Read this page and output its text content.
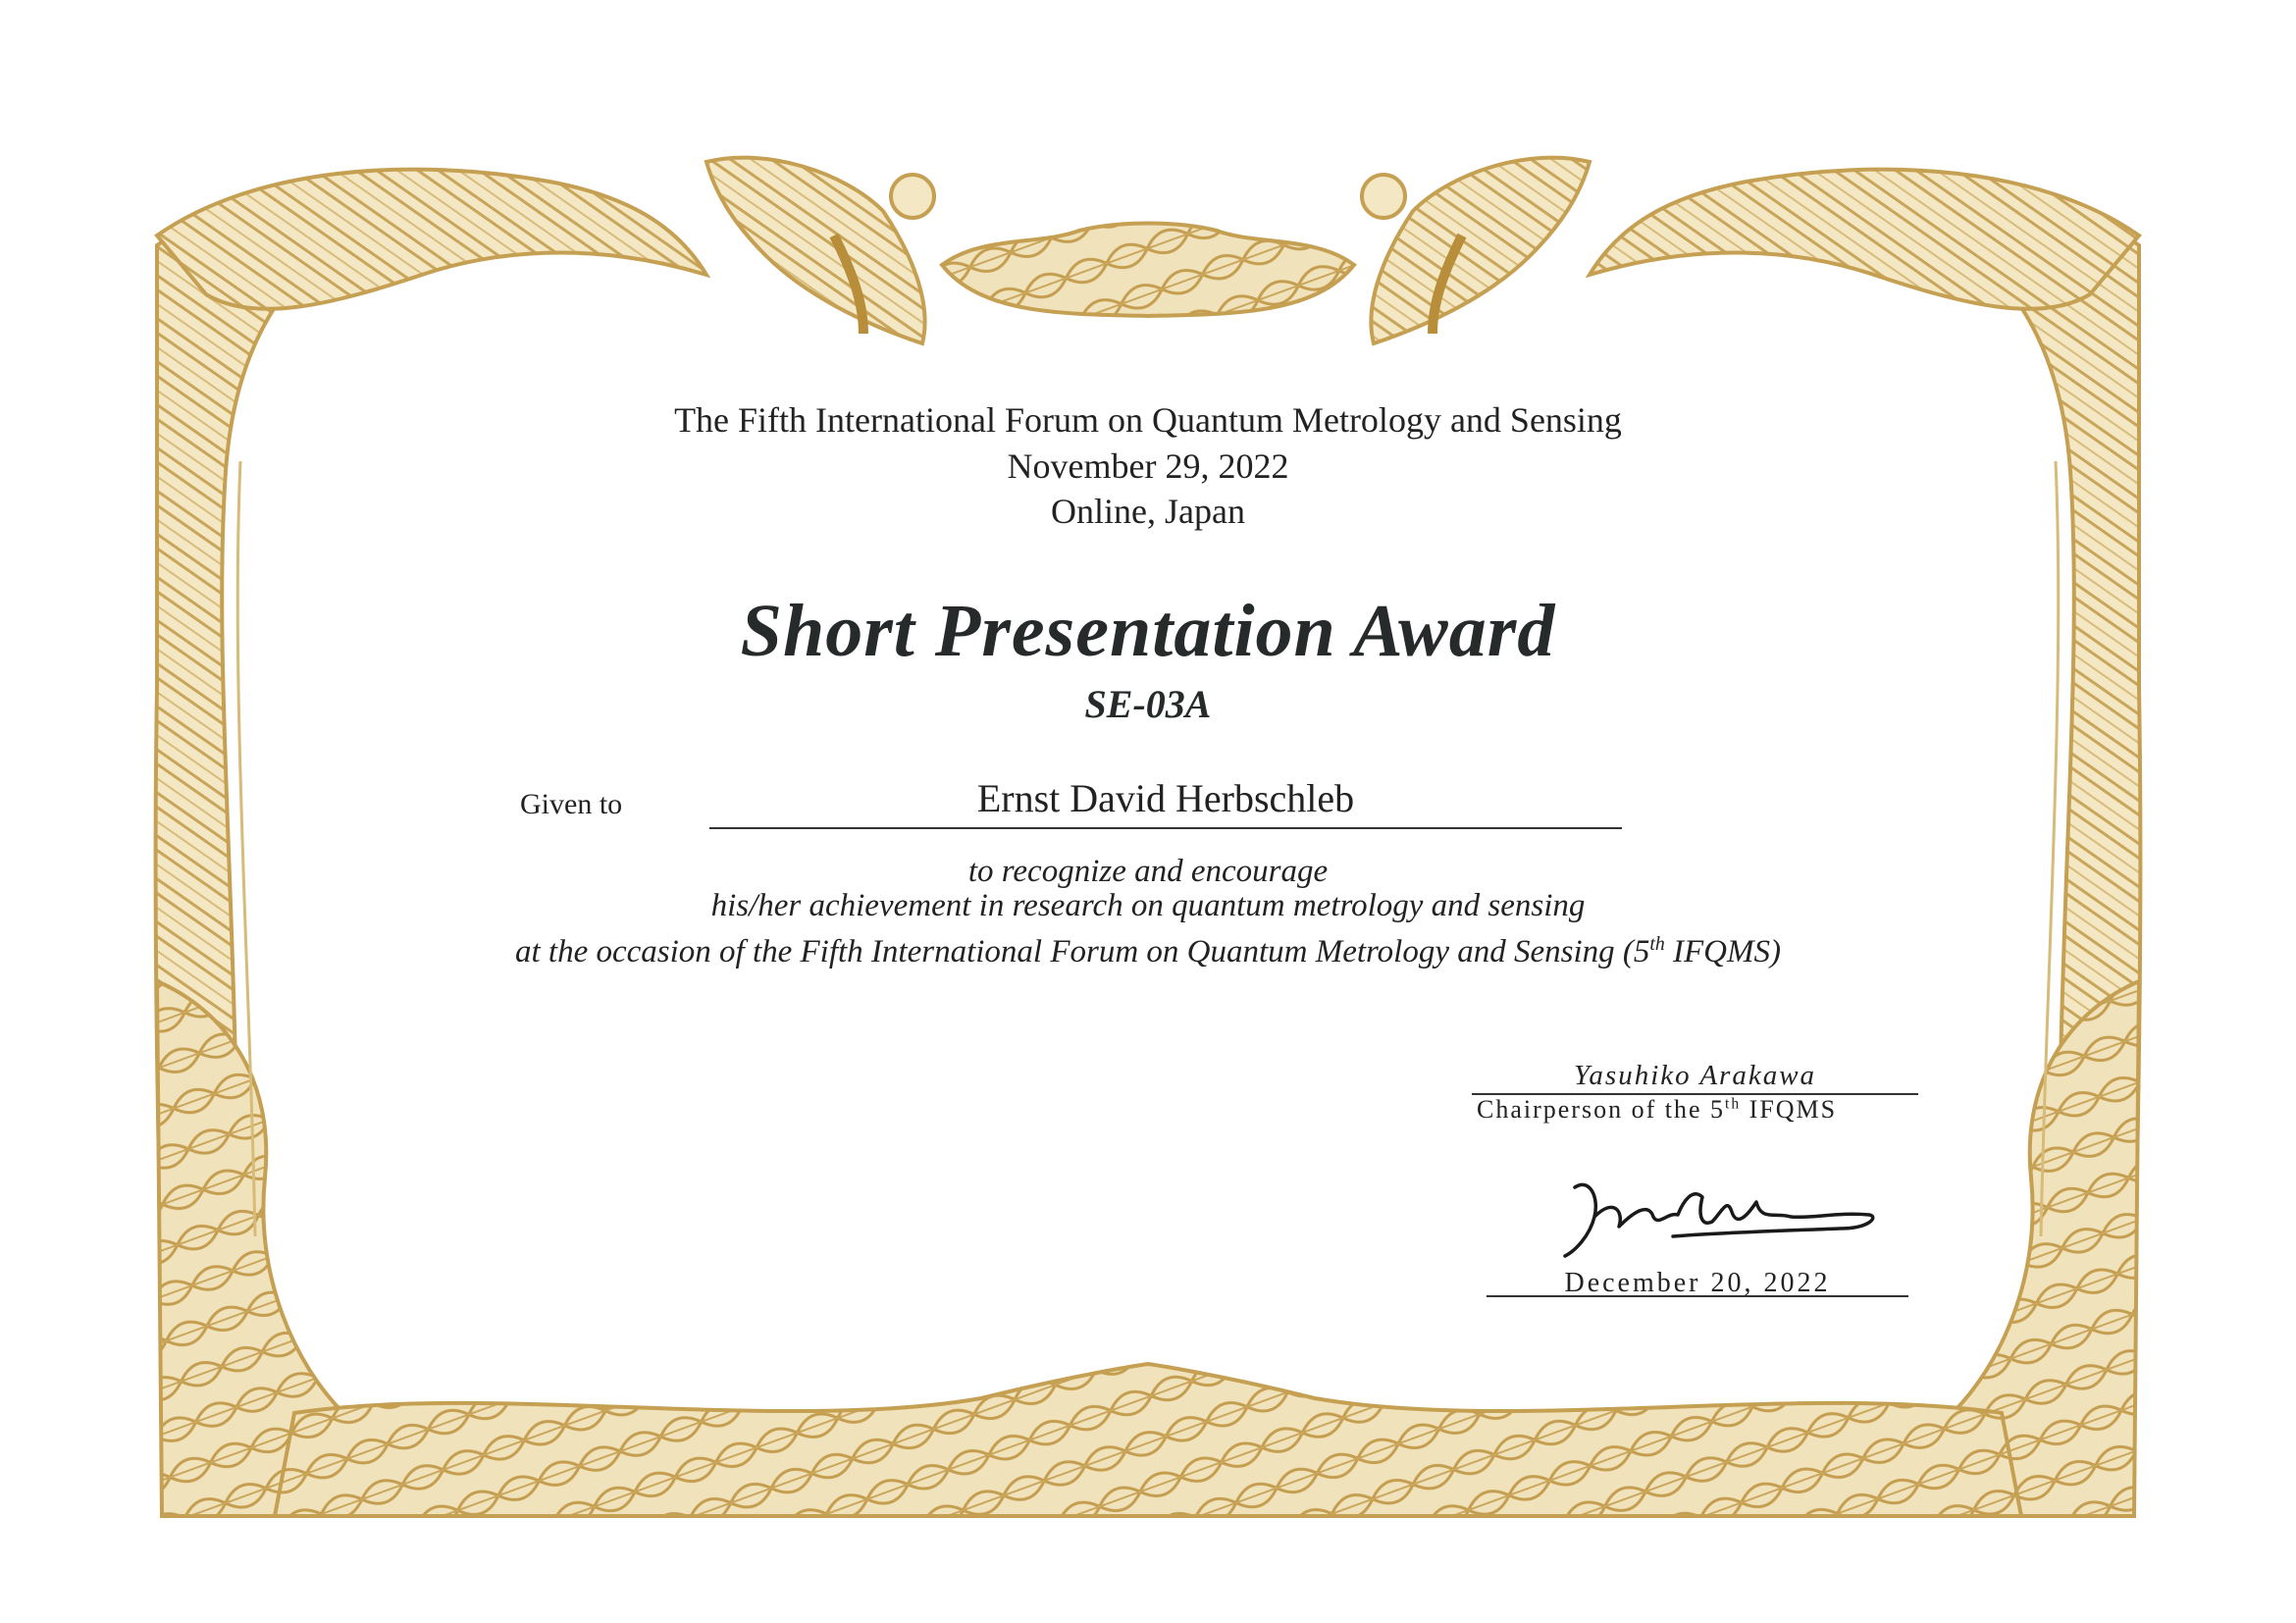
The Fifth International Forum on Quantum Metrology and Sensing
November 29, 2022
Online, Japan
Short Presentation Award
SE-03A
Given to	Ernst David Herbschleb
to recognize and encourage
his/her achievement in research on quantum metrology and sensing
at the occasion of the Fifth International Forum on Quantum Metrology and Sensing (5th IFQMS)
Yasuhiko Arakawa
Chairperson of the 5th IFQMS
December 20, 2022
